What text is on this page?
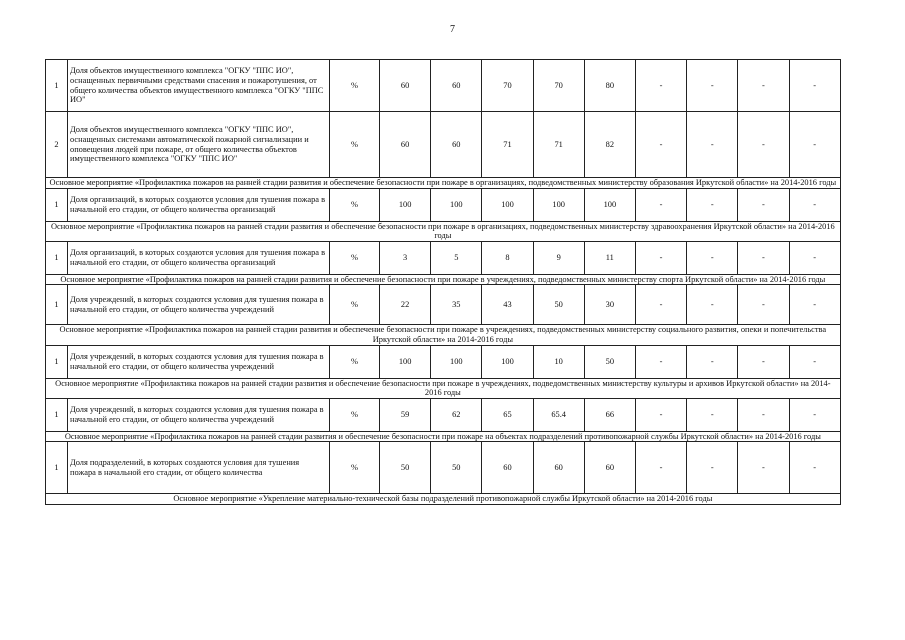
7
1	Доля объектов имущественного комплекса "ОГКУ "ППС ИО", оснащенных первичными средствами спасения и пожаротушения, от общего количества объектов имущественного комплекса "ОГКУ "ППС ИО"	%	60	60	70	70	80	-	-	-	-
2	Доля объектов имущественного комплекса "ОГКУ "ППС ИО", оснащенных системами автоматической пожарной сигнализации и оповещения людей при пожаре, от общего количества объектов имущественного комплекса "ОГКУ "ППС ИО"	%	60	60	71	71	82	-	-	-	-
Основное мероприятие «Профилактика пожаров на ранней стадии развития и обеспечение безопасности при пожаре в организациях, подведомственных министерству образования Иркутской области» на 2014-2016 годы											
1	Доля организаций, в которых создаются условия для тушения пожара в начальной его стадии, от общего количества организаций	%	100	100	100	100	100	-	-	-	-
Основное мероприятие «Профилактика пожаров на ранней стадии развития и обеспечение безопасности при пожаре в организациях, подведомственных министерству здравоохранения Иркутской области» на 2014-2016 годы											
1	Доля организаций, в которых создаются условия для тушения пожара в начальной его стадии, от общего количества организаций	%	3	5	8	9	11	-	-	-	-
Основное мероприятие «Профилактика пожаров на ранней стадии развития и обеспечение безопасности при пожаре в учреждениях, подведомственных министерству спорта Иркутской области» на 2014-2016 годы											
1	Доля учреждений, в которых создаются условия для тушения пожара в начальной его стадии, от общего количества учреждений	%	22	35	43	50	30	-	-	-	-
Основное мероприятие «Профилактика пожаров на ранней стадии развития и обеспечение безопасности при пожаре в учреждениях, подведомственных министерству социального развития, опеки и попечительства Иркутской области» на 2014-2016 годы											
1	Доля учреждений, в которых создаются условия для тушения пожара в начальной его стадии, от общего количества учреждений	%	100	100	100	10	50	-	-	-	-
Основное мероприятие «Профилактика пожаров на ранней стадии развития и обеспечение безопасности при пожаре в учреждениях, подведомственных министерству культуры и архивов Иркутской области» на 2014-2016 годы											
1	Доля учреждений, в которых создаются условия для тушения пожара в начальной его стадии, от общего количества учреждений	%	59	62	65	65.4	66	-	-	-	-
Основное мероприятие «Профилактика пожаров на ранней стадии развития и обеспечение безопасности при пожаре на объектах подразделений противопожарной службы Иркутской области» на 2014-2016 годы											
1	Доля подразделений, в которых создаются условия для тушения пожара в начальной его стадии, от общего количества	%	50	50	60	60	60	-	-	-	-
Основное мероприятие «Укрепление материально-технической базы подразделений противопожарной службы Иркутской области» на 2014-2016 годы											
